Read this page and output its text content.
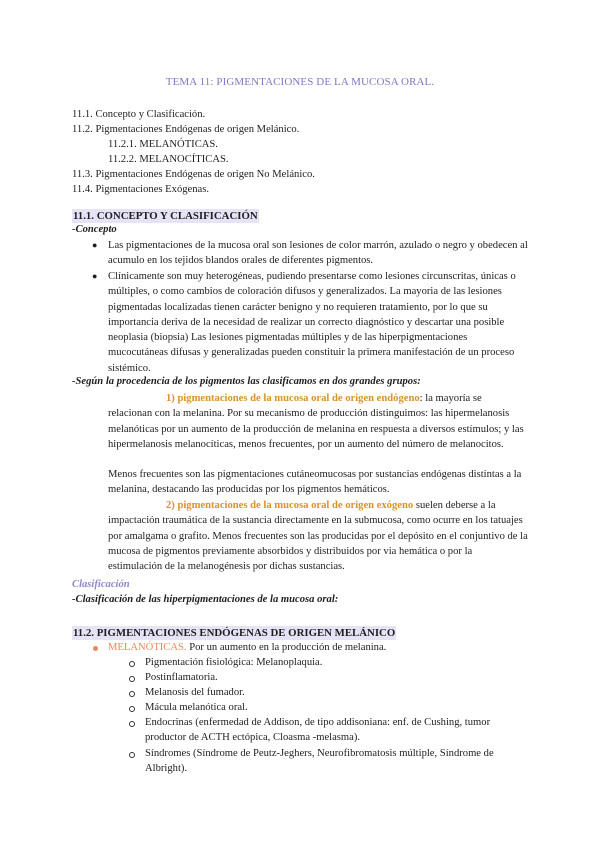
TEMA 11: PIGMENTACIONES DE LA MUCOSA ORAL.
11.1. Concepto y Clasificación.
11.2. Pigmentaciones Endógenas de origen Melánico.
11.2.1. MELANÓTICAS.
11.2.2. MELANOCÍTICAS.
11.3. Pigmentaciones Endógenas de origen No Melánico.
11.4. Pigmentaciones Exógenas.
11.1. CONCEPTO Y CLASIFICACIÓN
-Concepto
● Las pigmentaciones de la mucosa oral son lesiones de color marrón, azulado o negro y obedecen al acumulo en los tejidos blandos orales de diferentes pigmentos.
● Clínicamente son muy heterogéneas, pudiendo presentarse como lesiones circunscritas, únicas o múltiples, o como cambios de coloración difusos y generalizados. La mayoria de las lesiones pigmentadas localizadas tienen carácter benigno y no requieren tratamiento, por lo que su importancia deriva de la necesidad de realizar un correcto diagnóstico y descartar una posible neoplasia (biopsia) Las lesiones pigmentadas múltiples y de las hiperpigmentaciones mucocutáneas difusas y generalizadas pueden constituir la primera manifestación de un proceso sistémico.
-Según la procedencia de los pigmentos las clasificamos en dos grandes grupos:
1) pigmentaciones de la mucosa oral de origen endógeno: la mayoría se relacionan con la melanina. Por su mecanismo de producción distinguimos: las hipermelanosis melanóticas por un aumento de la producción de melanina en respuesta a diversos estímulos; y las hipermelanosis melanocíticas, menos frecuentes, por un aumento del número de melanocitos.
Menos frecuentes son las pigmentaciones cutáneomucosas por sustancias endógenas distintas a la melanina, destacando las producidas por los pigmentos hemáticos.
2) pigmentaciones de la mucosa oral de origen exógeno suelen deberse a la impactación traumática de la sustancia directamente en la submucosa, como ocurre en los tatuajes por amalgama o grafito. Menos frecuentes son las producidas por el depósito en el conjuntivo de la mucosa de pigmentos previamente absorbidos y distribuidos por via hemática o por la estimulación de la melanogénesis por dichas sustancias.
Clasificación
-Clasificación de las hiperpigmentaciones de la mucosa oral:
11.2. PIGMENTACIONES ENDÓGENAS DE ORIGEN MELÁNICO
MELANÓTICAS. Por un aumento en la producción de melanina.
Pigmentación fisiológica: Melanoplaquia.
Postinflamatoria.
Melanosis del fumador.
Mácula melanótica oral.
Endocrinas (enfermedad de Addison, de tipo addisoniana: enf. de Cushing, tumor productor de ACTH ectópica, Cloasma -melasma).
Síndromes (Síndrome de Peutz-Jeghers, Neurofibromatosis múltiple, Síndrome de Albright).
